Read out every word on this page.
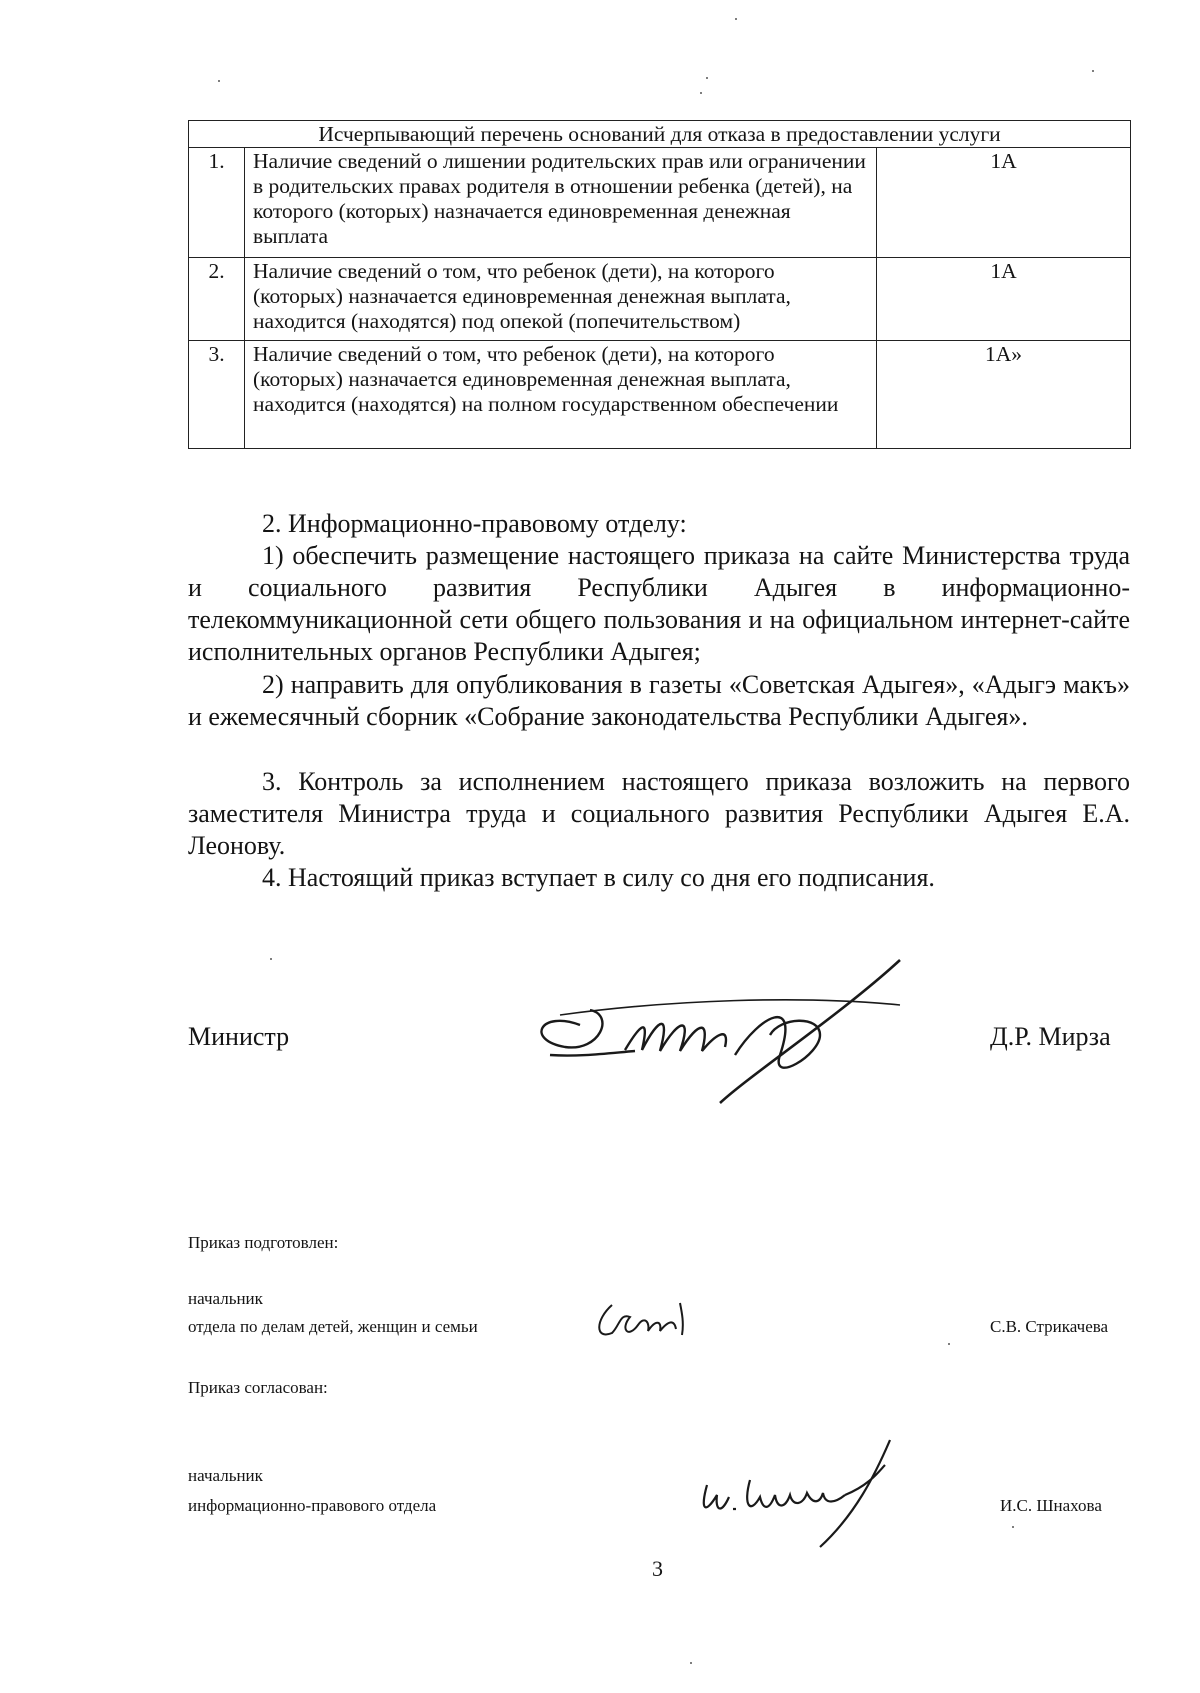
Исчерпывающий перечень оснований для отказа в предоставлении услуги		
1.	Наличие сведений о лишении родительских прав или ограничении в родительских правах родителя в отношении ребенка (детей), на которого (которых) назначается единовременная денежная выплата	1А
2.	Наличие сведений о том, что ребенок (дети), на которого (которых) назначается единовременная денежная выплата, находится (находятся) под опекой (попечительством)	1А
3.	Наличие сведений о том, что ребенок (дети), на которого (которых) назначается единовременная денежная выплата, находится (находятся) на полном государственном обеспечении	1А»
2. Информационно-правовому отделу:
1) обеспечить размещение настоящего приказа на сайте Министерства труда и социального развития Республики Адыгея в информационно-телекоммуникационной сети общего пользования и на официальном интернет-сайте исполнительных органов Республики Адыгея;
2) направить для опубликования в газеты «Советская Адыгея», «Адыгэ макъ» и ежемесячный сборник «Собрание законодательства Республики Адыгея».
3. Контроль за исполнением настоящего приказа возложить на первого заместителя Министра труда и социального развития Республики Адыгея Е.А. Леонову.
4. Настоящий приказ вступает в силу со дня его подписания.
Министр	Д.Р. Мирза
Приказ подготовлен:
начальник
отдела по делам детей, женщин и семьи	С.В. Стрикачева
Приказ согласован:
начальник
информационно-правового отдела	И.С. Шнахова
3
